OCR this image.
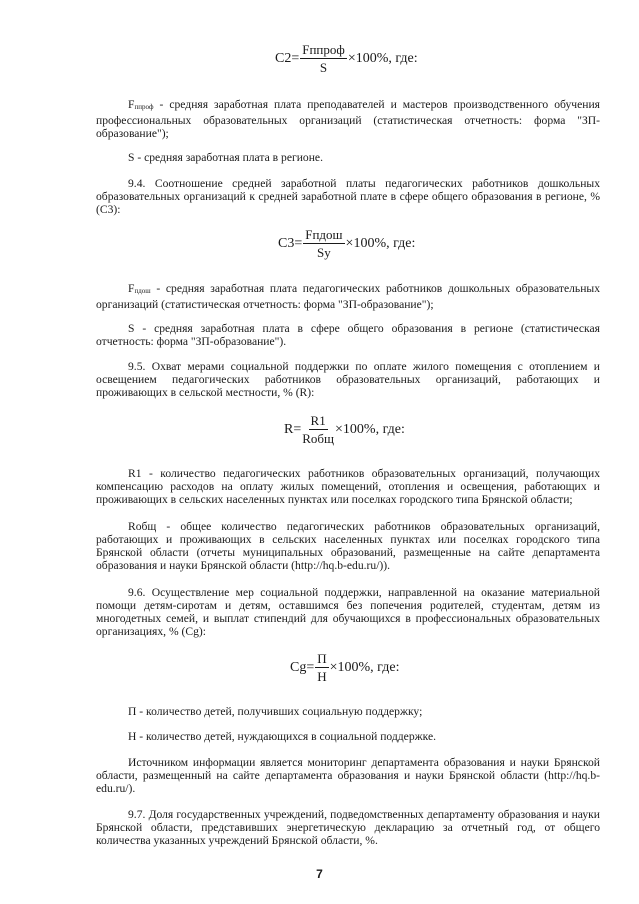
$C2= \frac{\text{Fппроф}}{S} \times 100\%$, где:

Fппроф - средняя заработная плата преподавателей и мастеров производственного обучения профессиональных образовательных организаций (статистическая отчетность: форма "ЗП-образование");

S - средняя заработная плата в регионе.

9.4. Соотношение средней заработной платы педагогических работников дошкольных образовательных организаций к средней заработной плате в сфере общего образования в регионе, % (С3):

$С3= \frac{\text{Fпдош}}{Sy} \times 100\%$, где:

Fпдош - средняя заработная плата педагогических работников дошкольных образовательных организаций (статистическая отчетность: форма "ЗП-образование");

S - средняя заработная плата в сфере общего образования в регионе (статистическая отчетность: форма "ЗП-образование").

9.5. Охват мерами социальной поддержки по оплате жилого помещения с отоплением и освещением педагогических работников образовательных организаций, работающих и проживающих в сельской местности, % (R):

$R= \frac{R1}{\text{Rобщ}} \times 100\%$, где:

R1 - количество педагогических работников образовательных организаций, получающих компенсацию расходов на оплату жилых помещений, отопления и освещения, работающих и проживающих в сельских населенных пунктах или поселках городского типа Брянской области;

Rобщ - общее количество педагогических работников образовательных организаций, работающих и проживающих в сельских населенных пунктах или поселках городского типа Брянской области (отчеты муниципальных образований, размещенные на сайте департамента образования и науки Брянской области (http://hq.b-edu.ru/)).

9.6. Осуществление мер социальной поддержки, направленной на оказание материальной помощи детям-сиротам и детям, оставшимся без попечения родителей, студентам, детям из многодетных семей, и выплат стипендий для обучающихся в профессиональных образовательных организациях, % (Cg):

$Cg= \frac{П}{Н} \times 100\%$, где:

П - количество детей, получивших социальную поддержку;

Н - количество детей, нуждающихся в социальной поддержке.

Источником информации является мониторинг департамента образования и науки Брянской области, размещенный на сайте департамента образования и науки Брянской области (http://hq.b-edu.ru/).

9.7. Доля государственных учреждений, подведомственных департаменту образования и науки Брянской области, представивших энергетическую декларацию за отчетный год, от общего количества указанных учреждений Брянской области, %.

7
